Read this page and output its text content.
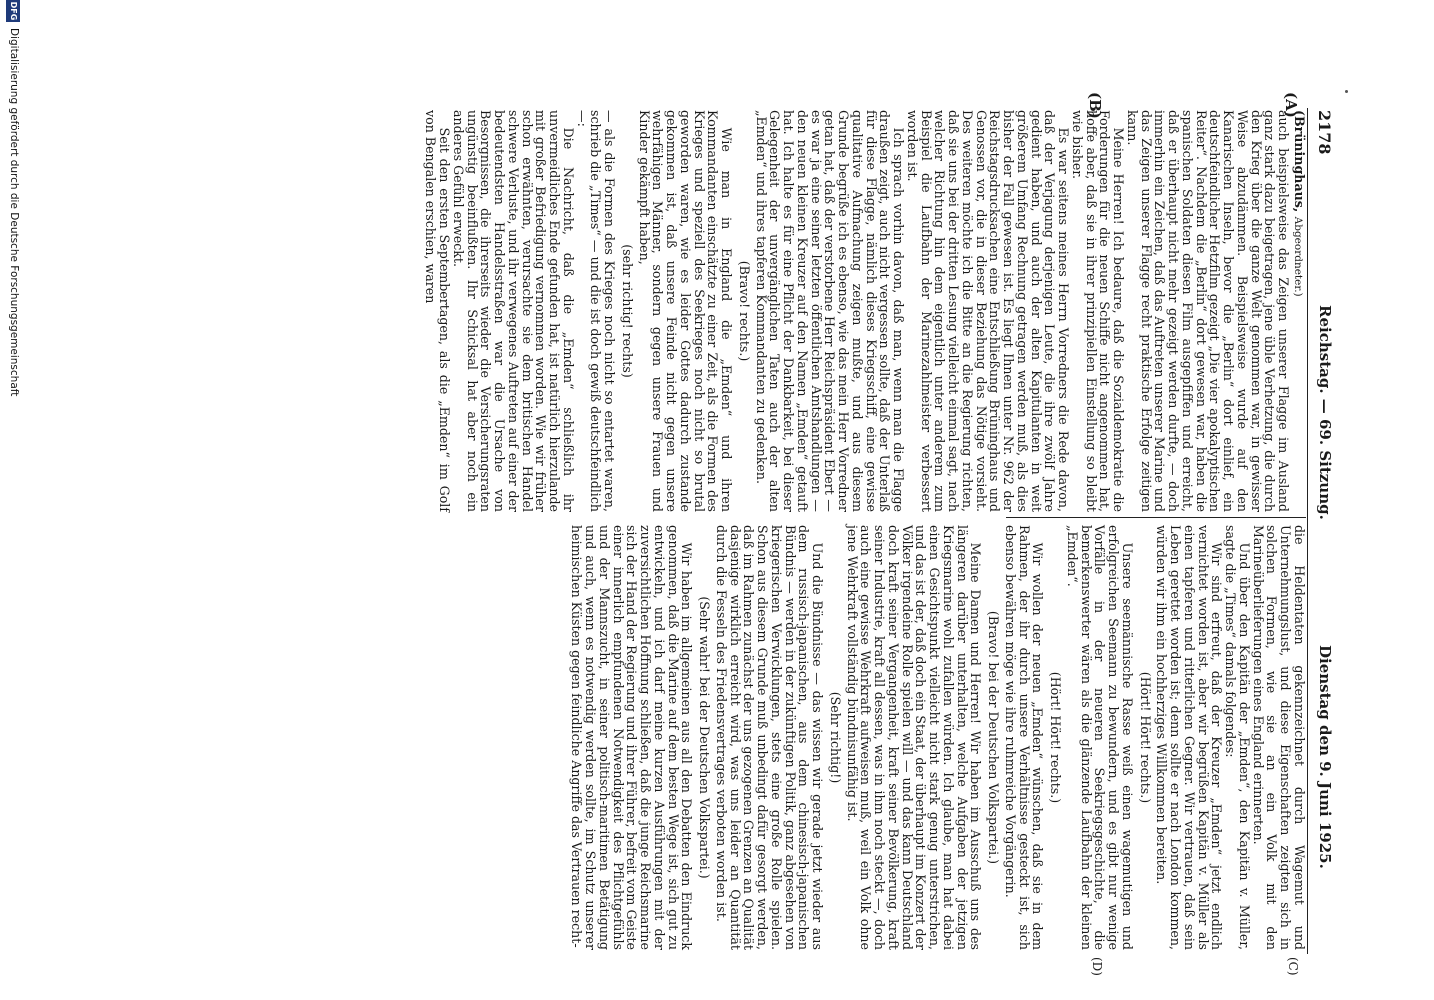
2178
Reichstag. — 69. Sitzung.
Dienstag den 9. Juni 1925.
(A)
(B)
(C)
(D)

(Brüninghaus, Abgeordneter.)

auch beispielsweise das Zeigen unserer Flagge im Ausland ganz stark dazu beigetragen, jene üble Verhetzung, die durch den Krieg über die ganze Welt genommen war, in gewisser Weise abzudämmen. Beispielsweise wurde auf den Kanarischen Inseln, bevor die „Berlin“ dort einlief, ein deutschfeindlicher Hetzfilm gezeigt „Die vier apokalyptischen Reiter“. Nachdem die „Berlin“ dort gewesen war, haben die spanischen Soldaten diesen Film ausgepfiffen und erreicht, daß er überhaupt nicht mehr gezeigt werden durfte, — doch immerhin ein Zeichen, daß das Auftreten unserer Marine und das Zeigen unserer Flagge recht praktische Erfolge zeitigen kann.

Meine Herren! Ich bedaure, daß die Sozialdemokratie die Forderungen für die neuen Schiffe nicht angenommen hat, hoffe aber, daß sie in ihrer prinzipiellen Einstellung so bleibt wie bisher.

Es war seitens meines Herrn Vorredners die Rede davon, daß der Verjagung derjenigen Leute, die ihre zwölf Jahre gedient haben, und auch der alten Kapitulanten in weit größerem Umfang Rechnung getragen werden muß, als dies bisher der Fall gewesen ist. Es liegt Ihnen unter Nr. 962 der Reichstagsdrucksachen eine Entschließung Brüninghaus und Genossen vor, die in dieser Beziehung das Nötige vorsieht. Des weiteren möchte ich die Bitte an die Regierung richten, daß sie uns bei der dritten Lesung vielleicht einmal sagt, nach welcher Richtung hin dem eigentlich unter anderem zum Beispiel die Laufbahn der Marinezahlmeister verbessert worden ist.

Ich sprach vorhin davon, daß man, wenn man die Flagge draußen zeigt, auch nicht vergessen sollte, daß der Unterlaß für diese Flagge, nämlich dieses Kriegsschiff, eine gewisse qualitative Aufmachung zeigen mußte, und aus diesem Grunde begrüße ich es ebenso, wie das mein Herr Vorredner getan hat, daß der verstorbene Herr Reichspräsident Ebert — es war ja eine seiner letzten öffentlichen Amtshandlungen — den neuen kleinen Kreuzer auf den Namen „Emden“ getauft hat. Ich halte es für eine Pflicht der Dankbarkeit, bei dieser Gelegenheit der unvergänglichen Taten auch der alten „Emden“ und ihres tapferen Kommandanten zu gedenken.

(Bravo! rechts.)

Wie man in England die „Emden“ und ihren Kommandanten einschätzte zu einer Zeit, als die Formen des Krieges und speziell des Seekrieges noch nicht so brutal geworden waren, wie es leider Gottes dadurch zustande gekommen ist, daß unsere Feinde nicht gegen unsere wehrfähigen Männer, sondern gegen unsere Frauen und Kinder gekämpft haben,

(sehr richtig! rechts)

— als die Formen des Krieges noch nicht so entartet waren, schrieb die „Times“ — und die ist doch gewiß deutschfeindlich —:

Die Nachricht, daß die „Emden“ schließlich ihr unvermeidliches Ende gefunden hat, ist natürlich hierzulande mit großer Befriedigung vernommen worden. Wie wir früher schon erwähnten, verursachte sie dem britischen Handel schwere Verluste, und ihr verwegenes Auftreten auf einer der bedeutendsten Handelsstraßen war die Ursache von Besorgnissen, die ihrerseits wieder die Versicherungsraten ungünstig beeinflußten. Ihr Schicksal hat aber noch ein anderes Gefühl erweckt.

Seit den ersten Septembertagen, als die „Emden“ im Golf von Bengalen erschien, waren

die Heldentaten gekennzeichnet durch Wagemut und Unternehmungslust, und diese Eigenschaften zeigten sich in solchen Formen, wie sie an ein Volk mit den Marineüberlieferungen eines England erinnerten.

Und über den Kapitän der „Emden“, den Kapitän v. Müller, sagte die „Times“ damals folgendes:

Wir sind erfreut, daß der Kreuzer „Emden“ jetzt endlich vernichtet worden ist, aber wir begrüßen Kapitän v. Müller als einen tapferen und ritterlichen Gegner. Wir vertrauen, daß sein Leben gerettet worden ist; denn sollte er nach London kommen, würden wir ihm ein hochherziges Willkommen bereiten.

(Hört! Hört! rechts.)

Unsere seemännische Rasse weiß einen wagemutigen und erfolgreichen Seemann zu bewundern, und es gibt nur wenige Vorfälle in der neueren Seekriegsgeschichte, die bemerkenswerter wären als die glänzende Laufbahn der kleinen „Emden“.

(Hört! Hört! rechts.)

Wir wollen der neuen „Emden“ wünschen, daß sie in dem Rahmen, der ihr durch unsere Verhältnisse gesteckt ist, sich ebenso bewähren möge wie ihre ruhmreiche Vorgängerin.

(Bravo! bei der Deutschen Volkspartei.)

Meine Damen und Herren! Wir haben im Ausschuß uns des längeren darüber unterhalten, welche Aufgaben der jetzigen Kriegsmarine wohl zufallen würden. Ich glaube, man hat dabei einen Gesichtspunkt vielleicht nicht stark genug unterstrichen, und das ist der, daß doch ein Staat, der überhaupt im Konzert der Völker irgendeine Rolle spielen will — und das kann Deutschland doch kraft seiner Vergangenheit, kraft seiner Bevölkerung, kraft seiner Industrie, kraft all dessen, was in ihm noch steckt —, doch auch eine gewisse Wehrkraft aufweisen muß, weil ein Volk ohne jene Wehrkraft vollständig bündnisunfähig ist.

(Sehr richtig!)

Und die Bündnisse — das wissen wir gerade jetzt wieder aus dem russisch-japanischen, aus dem chinesisch-japanischen Bündnis — werden in der zukünftigen Politik, ganz abgesehen von kriegerischen Verwicklungen, stets eine große Rolle spielen. Schon aus diesem Grunde muß unbedingt dafür gesorgt werden, daß im Rahmen zunächst der uns gezogenen Grenzen an Qualität dasjenige wirklich erreicht wird, was uns leider an Quantität durch die Fesseln des Friedensvertrages verboten worden ist.

(Sehr wahr! bei der Deutschen Volkspartei.)

Wir haben im allgemeinen aus all den Debatten den Eindruck genommen, daß die Marine auf dem besten Wege ist, sich gut zu entwickeln, und ich darf meine kurzen Ausführungen mit der zuversichtlichen Hoffnung schließen, daß die junge Reichsmarine sich der Hand der Regierung und ihrer Führer, befreit vom Geiste einer innerlich empfundenen Notwendigkeit des Pflichtgefühls und der Mannszucht, in seiner politisch-maritimen Betätigung und auch, wenn es notwendig werden sollte, im Schutz unserer heimischen Küsten gegen feindliche Angriffe das Vertrauen recht-

DFG
Digitalisierung gefördert durch die Deutsche Forschungsgemeinschaft
